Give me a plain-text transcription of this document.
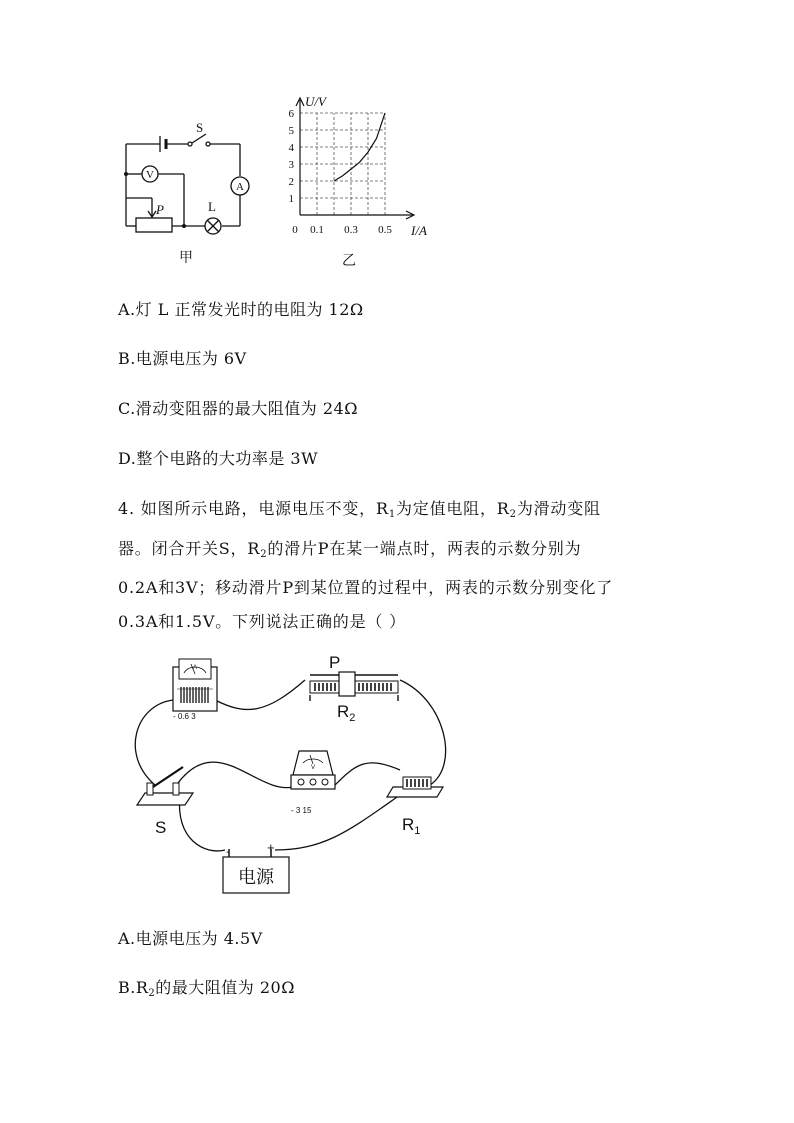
S
V
A
P	L
甲
1
2
3
4
5
6
0 0.1 0.3 0.5
U/V
I/A
乙
A.灯 L 正常发光时的电阻为 12Ω
B.电源电压为 6V
C.滑动变阻器的最大阻值为 24Ω
D.整个电路的大功率是 3W
4. 如图所示电路，电源电压不变，$R_1$为定值电阻，$R_2$为滑动变阻
器。闭合开关S，$R_2$的滑片P在某一端点时，两表的示数分别为
0.2A和3V；移动滑片P到某位置的过程中，两表的示数分别变化了
0.3A和1.5V。下列说法正确的是（ ）
A
- 0.6 3
P
$R_2$
V
- 3 15
S	$R_1$
-	+
电源
A.电源电压为 4.5V
$B.R_2$的最大阻值为 20Ω
